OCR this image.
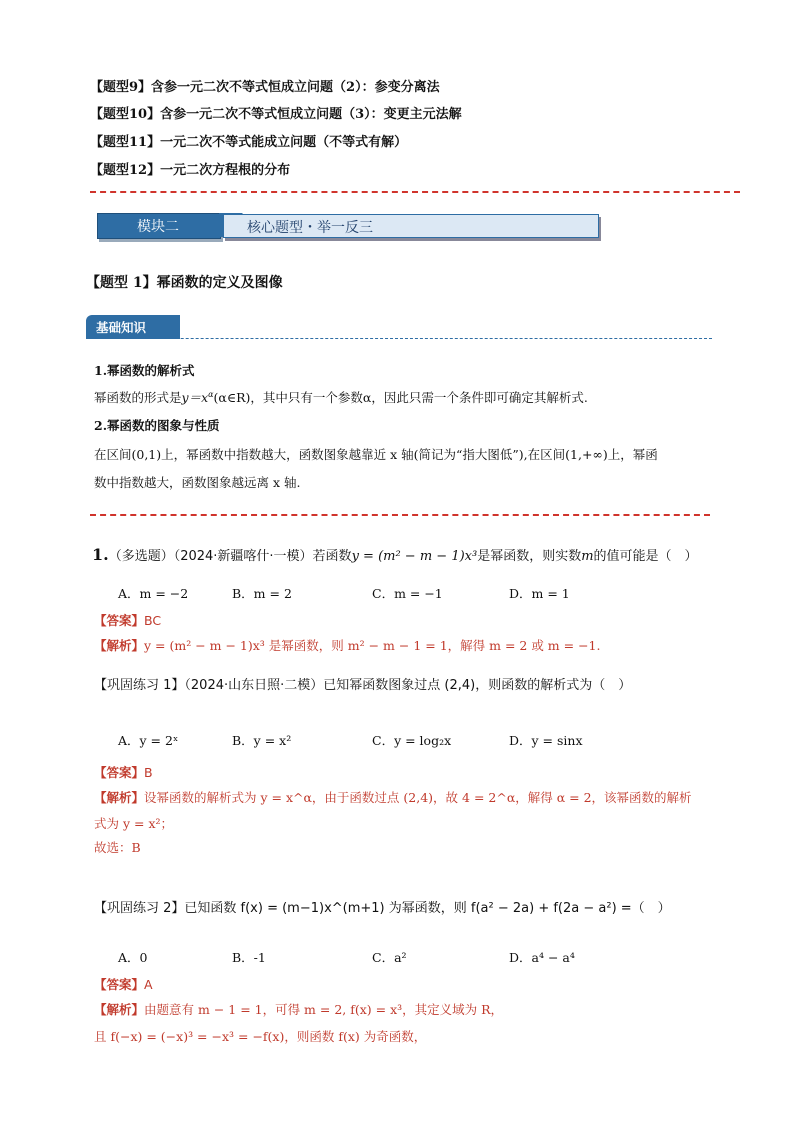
【题型9】含参一元二次不等式恒成立问题（2）：参变分离法
【题型10】含参一元二次不等式恒成立问题（3）：变更主元法解
【题型11】一元二次不等式能成立问题（不等式有解）
【题型12】一元二次方程根的分布
模块二	核心题型・举一反三
【题型 1】幂函数的定义及图像
基础知识
1.幂函数的解析式
幂函数的形式是$y=x^\alpha(\alpha\in R)$，其中只有一个参数α，因此只需一个条件即可确定其解析式.
2.幂函数的图象与性质
在区间(0,1)上，幂函数中指数越大，函数图象越靠近 x 轴(简记为“指大图低”),在区间(1,+∞)上，幂函
数中指数越大，函数图象越远离 x 轴.
1.（多选题）（2024·新疆喀什·一模）若函数y = (m² − m − 1)x³是幂函数，则实数m的值可能是（　）
A．m = −2	B．m = 2	C．m = −1	D．m = 1
【答案】BC
【解析】y = (m² − m − 1)x³ 是幂函数，则 m² − m − 1 = 1，解得 m = 2 或 m = −1.
【巩固练习 1】（2024·山东日照·二模）已知幂函数图象过点 (2,4)，则函数的解析式为（　）
A．y = 2ˣ	B．y = x²	C．y = log₂x	D．y = sinx
【答案】B
【解析】设幂函数的解析式为 y = x^α，由于函数过点 (2,4)，故 4 = 2^α，解得 α = 2，该幂函数的解析
式为 y = x²；
故选：B
【巩固练习 2】已知函数 f(x) = (m−1)x^(m+1) 为幂函数，则 f(a² − 2a) + f(2a − a²) =（　）
A．0	B．-1	C．a²	D．a⁴ − a⁴
【答案】A
【解析】由题意有 m − 1 = 1，可得 m = 2, f(x) = x³，其定义域为 R，
且 f(−x) = (−x)³ = −x³ = −f(x)，则函数 f(x) 为奇函数，
